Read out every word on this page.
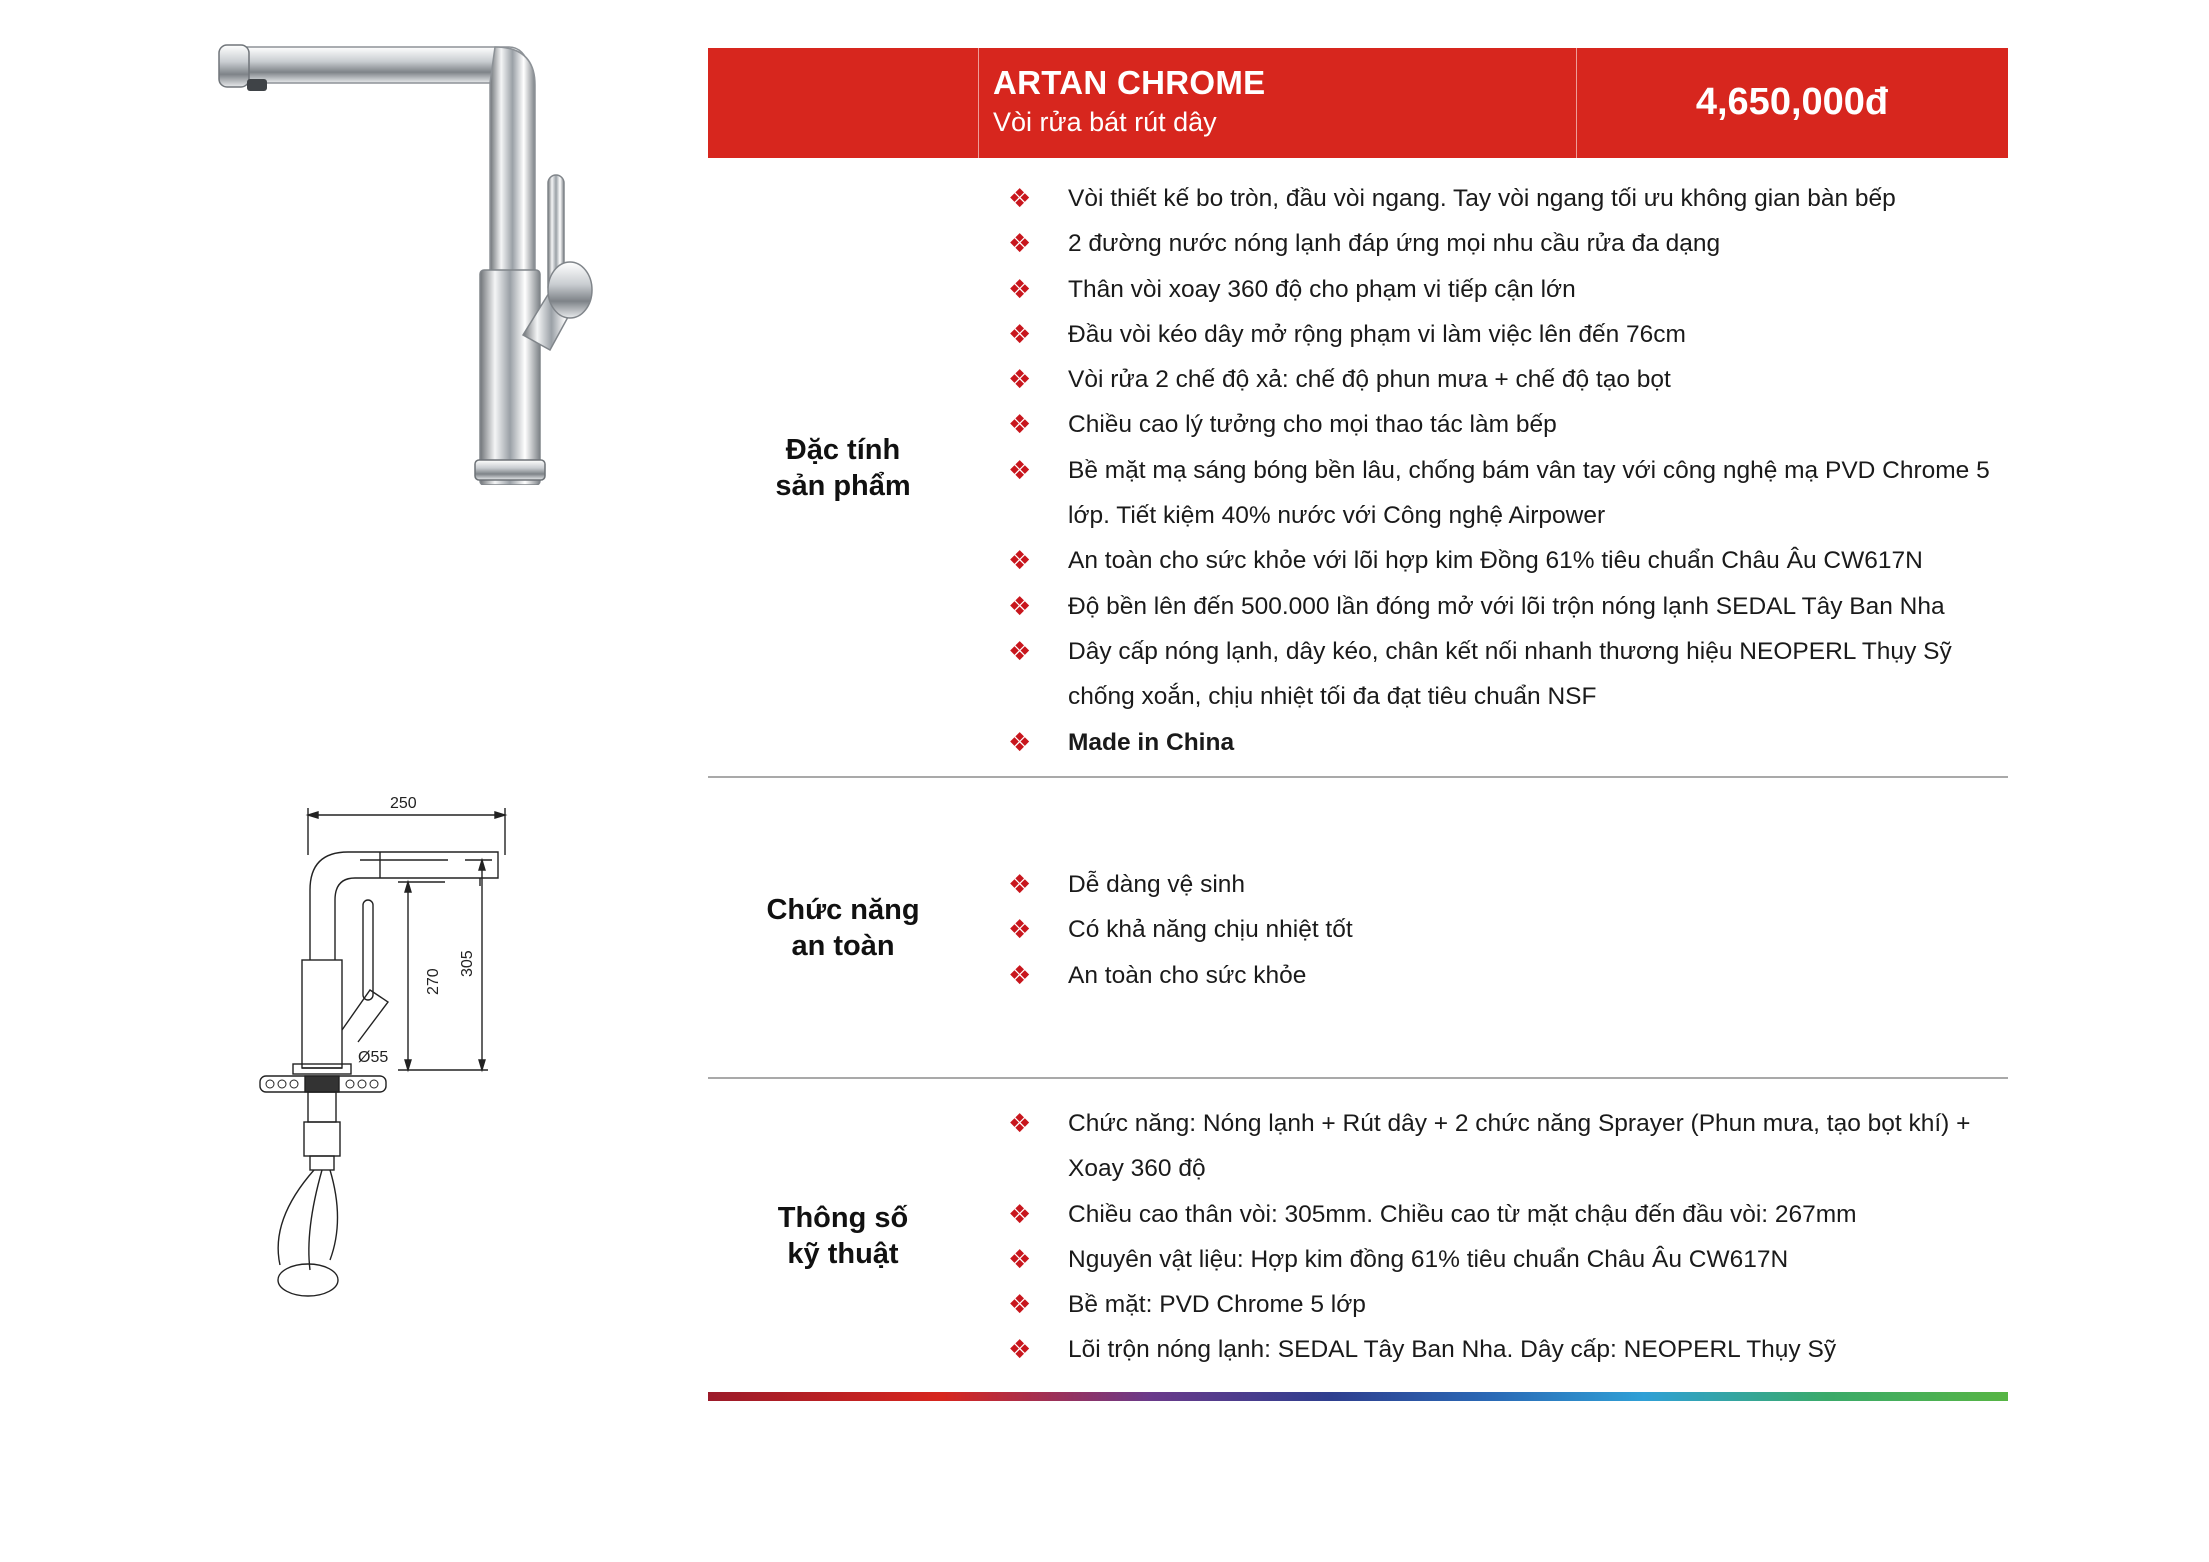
250
270
305
Ø55
ARTAN CHROME
Vòi rửa bát rút dây	4,650,000đ
Đặc tính
sản phẩm
❖ Vòi thiết kế bo tròn, đầu vòi ngang. Tay vòi ngang tối ưu không gian bàn bếp
❖ 2 đường nước nóng lạnh đáp ứng mọi nhu cầu rửa đa dạng
❖ Thân vòi xoay 360 độ cho phạm vi tiếp cận lớn
❖ Đầu vòi kéo dây mở rộng phạm vi làm việc lên đến 76cm
❖ Vòi rửa 2 chế độ xả: chế độ phun mưa + chế độ tạo bọt
❖ Chiều cao lý tưởng cho mọi thao tác làm bếp
❖ Bề mặt mạ sáng bóng bền lâu, chống bám vân tay với công nghệ mạ PVD Chrome 5 lớp. Tiết kiệm 40% nước với Công nghệ Airpower
❖ An toàn cho sức khỏe với lõi hợp kim Đồng 61% tiêu chuẩn Châu Âu CW617N
❖ Độ bền lên đến 500.000 lần đóng mở với lõi trộn nóng lạnh SEDAL Tây Ban Nha
❖ Dây cấp nóng lạnh, dây kéo, chân kết nối nhanh thương hiệu NEOPERL Thụy Sỹ chống xoắn, chịu nhiệt tối đa đạt tiêu chuẩn NSF
❖ Made in China
Chức năng
an toàn
❖ Dễ dàng vệ sinh
❖ Có khả năng chịu nhiệt tốt
❖ An toàn cho sức khỏe
Thông số
kỹ thuật
❖ Chức năng: Nóng lạnh + Rút dây + 2 chức năng Sprayer (Phun mưa, tạo bọt khí) + Xoay 360 độ
❖ Chiều cao thân vòi: 305mm. Chiều cao từ mặt chậu đến đầu vòi: 267mm
❖ Nguyên vật liệu: Hợp kim đồng 61% tiêu chuẩn Châu Âu CW617N
❖ Bề mặt: PVD Chrome 5 lớp
❖ Lõi trộn nóng lạnh: SEDAL Tây Ban Nha. Dây cấp: NEOPERL Thụy Sỹ
